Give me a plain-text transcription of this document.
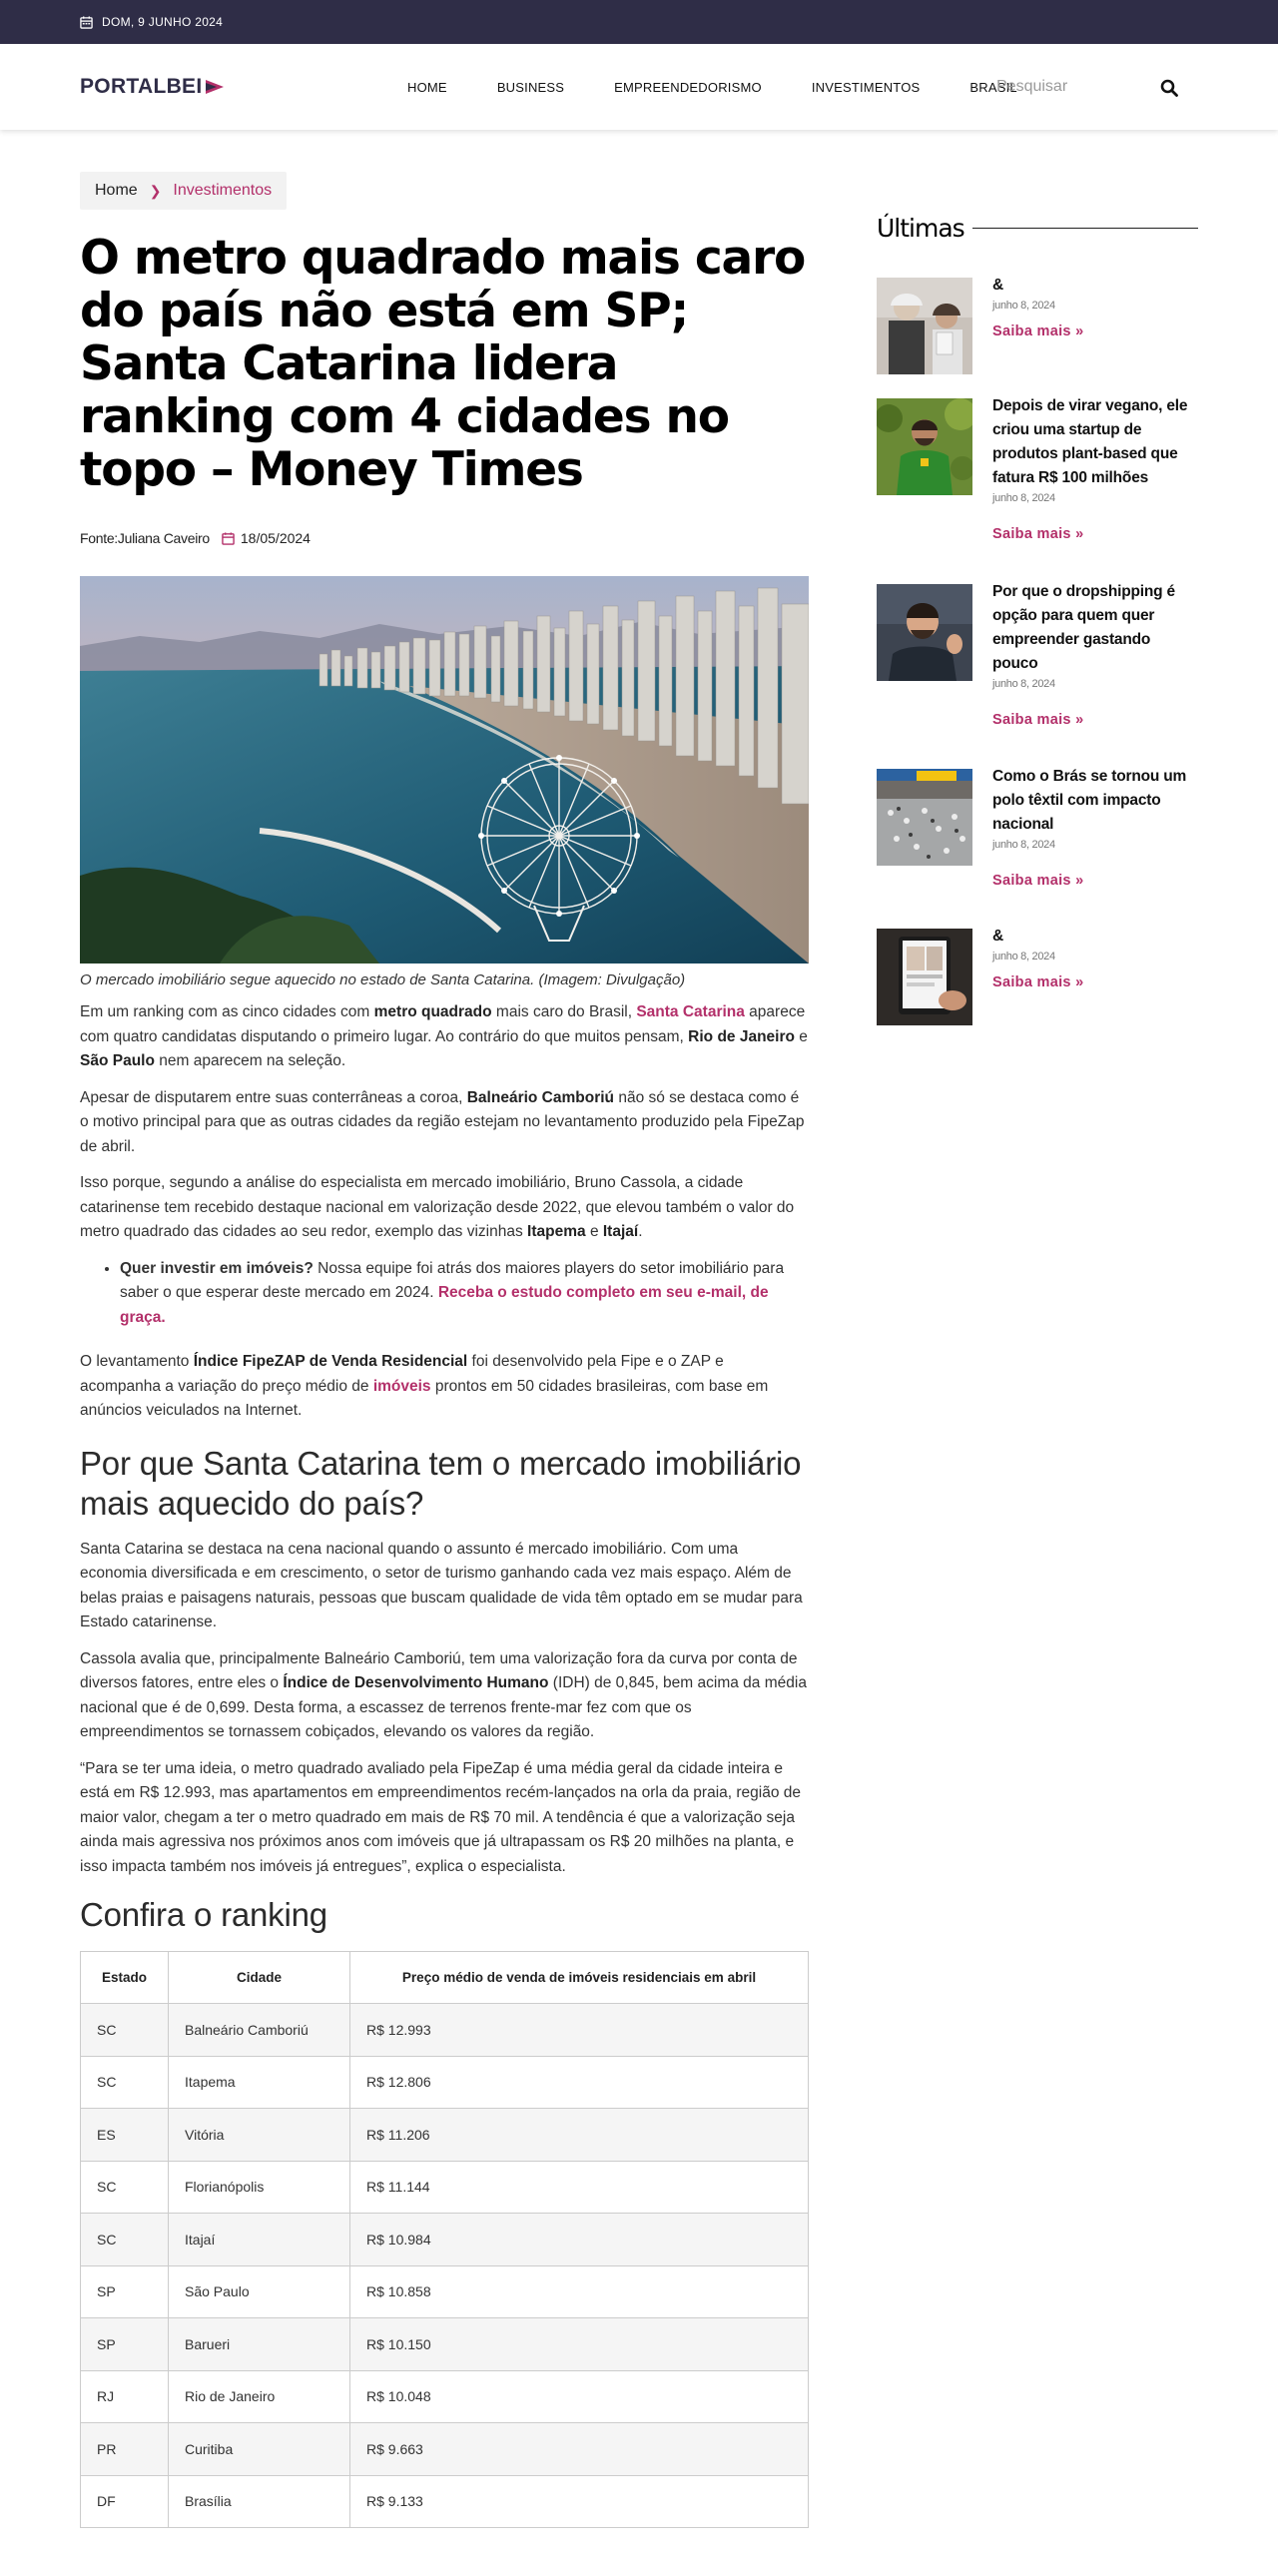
DOM, 9 JUNHO 2024
PORTALBEI	HOME	BUSINESS	EMPREENDEDORISMO	INVESTIMENTOS	BRASIL
Pesquisar
Home ❯ Investimentos
O metro quadrado mais caro do país não está em SP; Santa Catarina lidera ranking com 4 cidades no topo – Money Times
Fonte:Juliana Caveiro 18/05/2024
O mercado imobiliário segue aquecido no estado de Santa Catarina. (Imagem: Divulgação)

Em um ranking com as cinco cidades com metro quadrado mais caro do Brasil, Santa Catarina aparece com quatro candidatas disputando o primeiro lugar. Ao contrário do que muitos pensam, Rio de Janeiro e São Paulo nem aparecem na seleção.

Apesar de disputarem entre suas conterrâneas a coroa, Balneário Camboriú não só se destaca como é o motivo principal para que as outras cidades da região estejam no levantamento produzido pela FipeZap de abril.

Isso porque, segundo a análise do especialista em mercado imobiliário, Bruno Cassola, a cidade catarinense tem recebido destaque nacional em valorização desde 2022, que elevou também o valor do metro quadrado das cidades ao seu redor, exemplo das vizinhas Itapema e Itajaí.

• Quer investir em imóveis? Nossa equipe foi atrás dos maiores players do setor imobiliário para saber o que esperar deste mercado em 2024. Receba o estudo completo em seu e-mail, de graça.

O levantamento Índice FipeZAP de Venda Residencial foi desenvolvido pela Fipe e o ZAP e acompanha a variação do preço médio de imóveis prontos em 50 cidades brasileiras, com base em anúncios veiculados na Internet.

Por que Santa Catarina tem o mercado imobiliário mais aquecido do país?

Santa Catarina se destaca na cena nacional quando o assunto é mercado imobiliário. Com uma economia diversificada e em crescimento, o setor de turismo ganhando cada vez mais espaço. Além de belas praias e paisagens naturais, pessoas que buscam qualidade de vida têm optado em se mudar para Estado catarinense.

Cassola avalia que, principalmente Balneário Camboriú, tem uma valorização fora da curva por conta de diversos fatores, entre eles o Índice de Desenvolvimento Humano (IDH) de 0,845, bem acima da média nacional que é de 0,699. Desta forma, a escassez de terrenos frente-mar fez com que os empreendimentos se tornassem cobiçados, elevando os valores da região.

“Para se ter uma ideia, o metro quadrado avaliado pela FipeZap é uma média geral da cidade inteira e está em R$ 12.993, mas apartamentos em empreendimentos recém-lançados na orla da praia, região de maior valor, chegam a ter o metro quadrado em mais de R$ 70 mil. A tendência é que a valorização seja ainda mais agressiva nos próximos anos com imóveis que já ultrapassam os R$ 20 milhões na planta, e isso impacta também nos imóveis já entregues”, explica o especialista.

Confira o ranking
Estado	Cidade	Preço médio de venda de imóveis residenciais em abril
SC	Balneário Camboriú	R$ 12.993
SC	Itapema	R$ 12.806
ES	Vitória	R$ 11.206
SC	Florianópolis	R$ 11.144
SC	Itajaí	R$ 10.984
SP	São Paulo	R$ 10.858
SP	Barueri	R$ 10.150
RJ	Rio de Janeiro	R$ 10.048
PR	Curitiba	R$ 9.663
DF	Brasília	R$ 9.133
Últimas
&
junho 8, 2024
Saiba mais »
Depois de virar vegano, ele criou uma startup de produtos plant-based que fatura R$ 100 milhões
junho 8, 2024
Saiba mais »
Por que o dropshipping é opção para quem quer empreender gastando pouco
junho 8, 2024
Saiba mais »
Como o Brás se tornou um polo têxtil com impacto nacional
junho 8, 2024
Saiba mais »
&
junho 8, 2024
Saiba mais »
